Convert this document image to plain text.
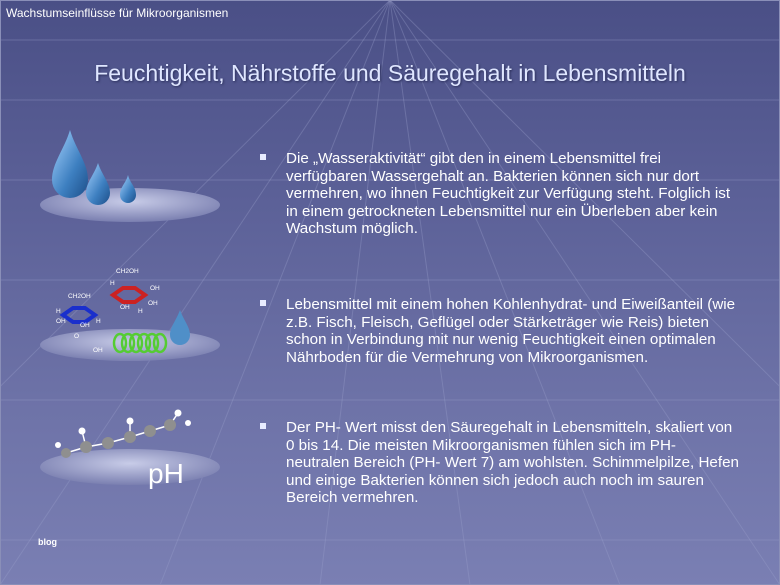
Wachstumseinflüsse für Mikroorganismen
Feuchtigkeit, Nährstoffe und Säuregehalt in Lebensmitteln
CH2OH
CH2OH
H
OH
OH
H
OH
H
OH
OH
OH
H
O
pH
Die „Wasseraktivität“ gibt den in einem Lebensmittel frei verfügbaren Wassergehalt an. Bakterien können sich nur dort vermehren, wo ihnen Feuchtigkeit zur Verfügung steht. Folglich ist in einem getrockneten Lebensmittel nur ein Überleben aber kein Wachstum möglich.
Lebensmittel mit einem hohen Kohlenhydrat- und Eiweißanteil (wie z.B. Fisch, Fleisch, Geflügel oder Stärketräger wie Reis) bieten schon in Verbindung mit nur wenig Feuchtigkeit einen optimalen Nährboden für die Vermehrung von Mikroorganismen.
Der PH- Wert misst den Säuregehalt in Lebensmitteln, skaliert von 0 bis 14. Die meisten Mikroorganismen fühlen sich im PH- neutralen Bereich (PH- Wert 7) am wohlsten. Schimmelpilze, Hefen und einige Bakterien können sich jedoch auch noch im sauren Bereich vermehren.
blog
